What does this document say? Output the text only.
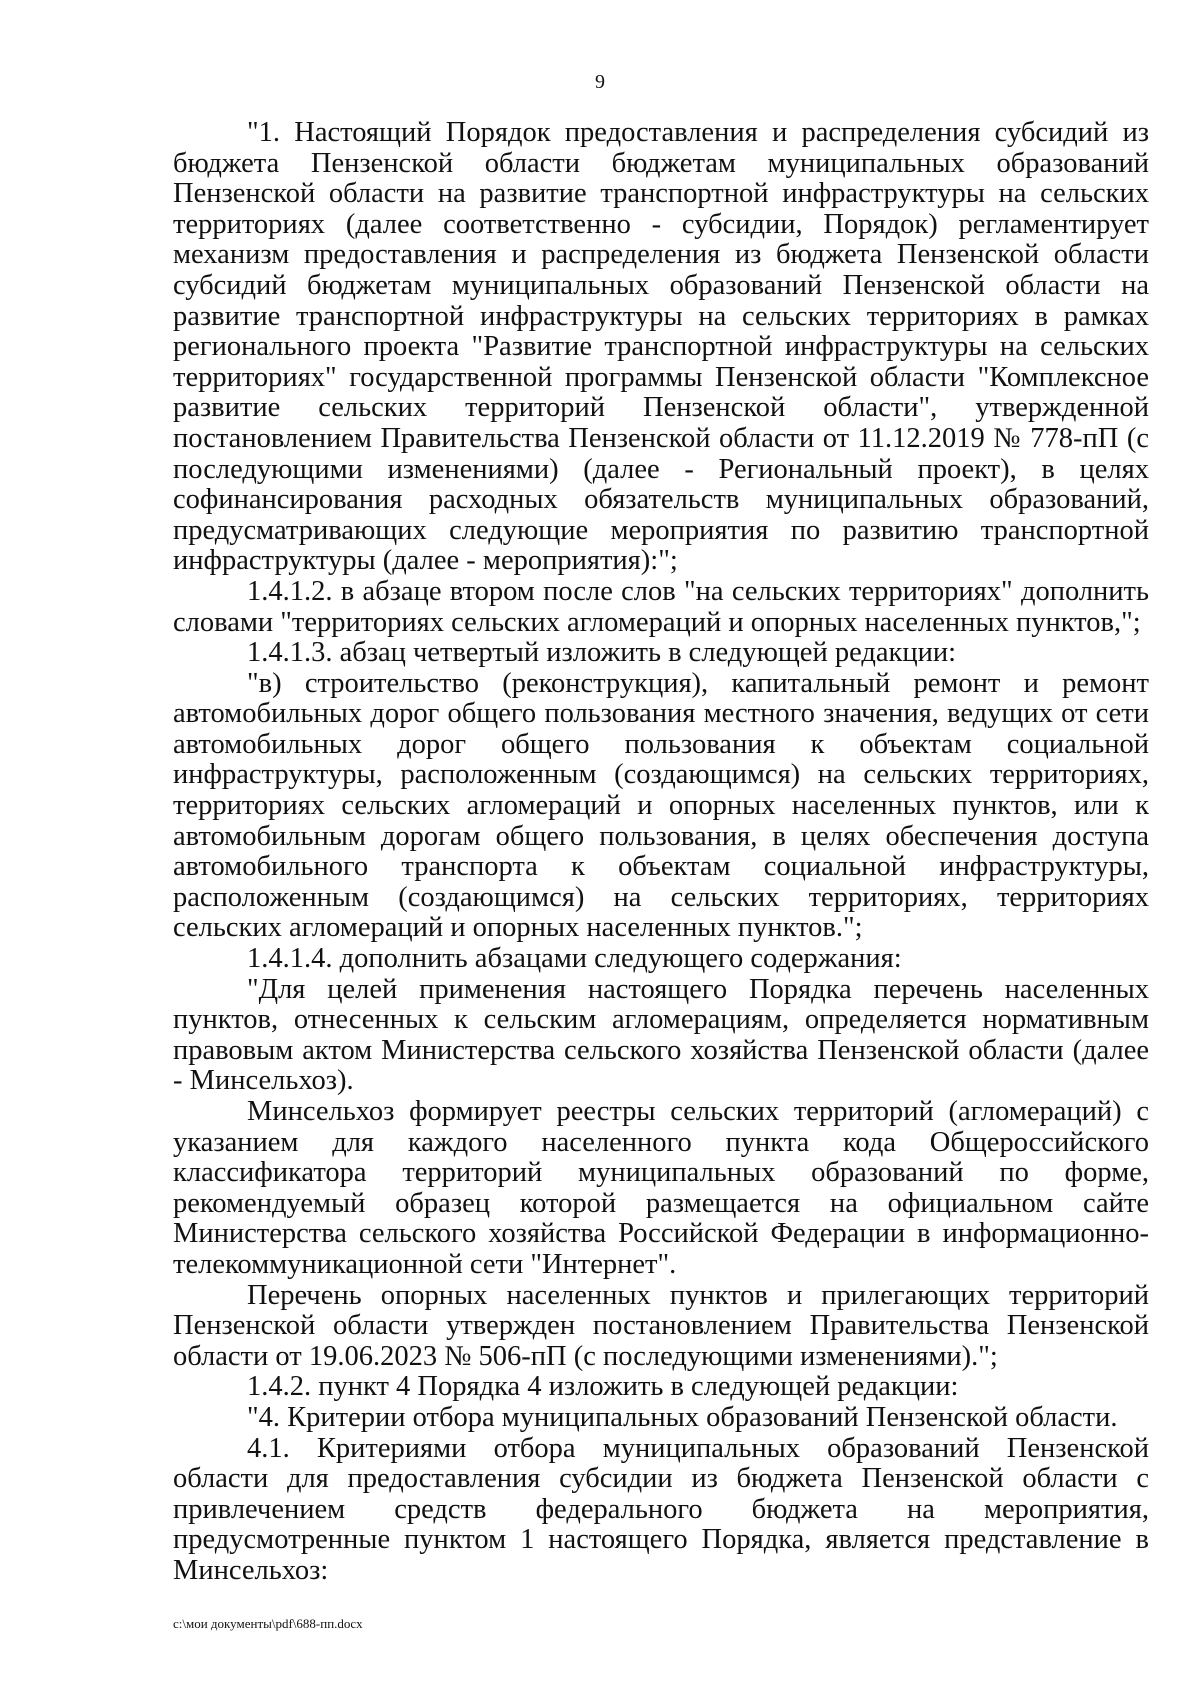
9

"1. Настоящий Порядок предоставления и распределения субсидий из бюджета Пензенской области бюджетам муниципальных образований Пензенской области на развитие транспортной инфраструктуры на сельских территориях (далее соответственно - субсидии, Порядок) регламентирует механизм предоставления и распределения из бюджета Пензенской области субсидий бюджетам муниципальных образований Пензенской области на развитие транспортной инфраструктуры на сельских территориях в рамках регионального проекта "Развитие транспортной инфраструктуры на сельских территориях" государственной программы Пензенской области "Комплексное развитие сельских территорий Пензенской области", утвержденной постановлением Правительства Пензенской области от 11.12.2019 № 778-пП (с последующими изменениями) (далее - Региональный проект), в целях софинансирования расходных обязательств муниципальных образований, предусматривающих следующие мероприятия по развитию транспортной инфраструктуры (далее - мероприятия):";

1.4.1.2. в абзаце втором после слов "на сельских территориях" дополнить словами "территориях сельских агломераций и опорных населенных пунктов,";

1.4.1.3. абзац четвертый изложить в следующей редакции:

"в) строительство (реконструкция), капитальный ремонт и ремонт автомобильных дорог общего пользования местного значения, ведущих от сети автомобильных дорог общего пользования к объектам социальной инфраструктуры, расположенным (создающимся) на сельских территориях, территориях сельских агломераций и опорных населенных пунктов, или к автомобильным дорогам общего пользования, в целях обеспечения доступа автомобильного транспорта к объектам социальной инфраструктуры, расположенным (создающимся) на сельских территориях, территориях сельских агломераций и опорных населенных пунктов.";

1.4.1.4. дополнить абзацами следующего содержания:

"Для целей применения настоящего Порядка перечень населенных пунктов, отнесенных к сельским агломерациям, определяется нормативным правовым актом Министерства сельского хозяйства Пензенской области (далее - Минсельхоз).

Минсельхоз формирует реестры сельских территорий (агломераций) с указанием для каждого населенного пункта кода Общероссийского классификатора территорий муниципальных образований по форме, рекомендуемый образец которой размещается на официальном сайте Министерства сельского хозяйства Российской Федерации в информационно-телекоммуникационной сети "Интернет".

Перечень опорных населенных пунктов и прилегающих территорий Пензенской области утвержден постановлением Правительства Пензенской области от 19.06.2023 № 506-пП (с последующими изменениями).";

1.4.2. пункт 4 Порядка 4 изложить в следующей редакции:

"4. Критерии отбора муниципальных образований Пензенской области.

4.1. Критериями отбора муниципальных образований Пензенской области для предоставления субсидии из бюджета Пензенской области с привлечением средств федерального бюджета на мероприятия, предусмотренные пунктом 1 настоящего Порядка, является представление в Минсельхоз:

c:\мои документы\pdf\688-пп.docx
